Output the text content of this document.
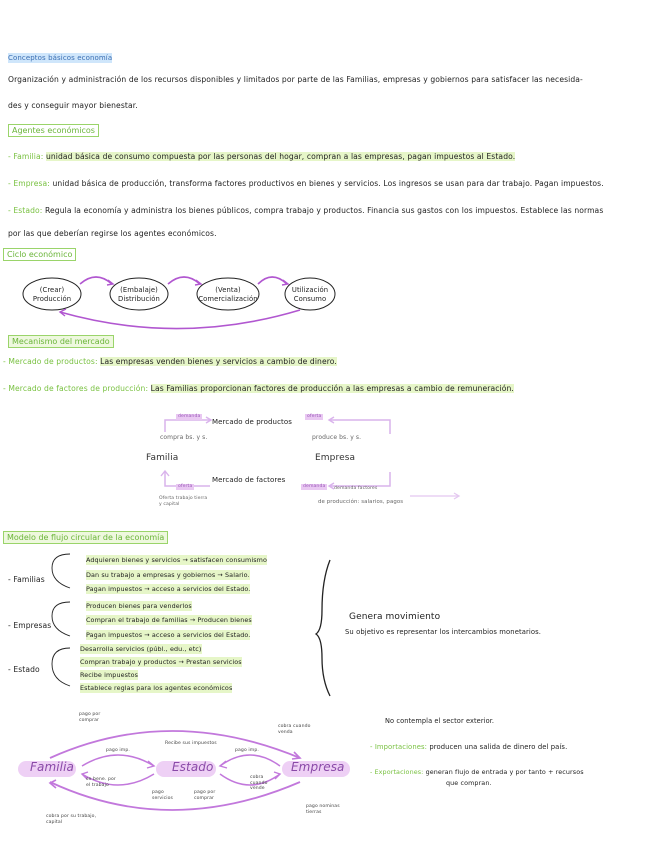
Conceptos básicos economía
Organización y administración de los recursos disponibles y limitados por parte de las Familias, empresas y gobiernos para satisfacer las necesida-
des y conseguir mayor bienestar.
Agentes económicos
- Familia: unidad básica de consumo compuesta por las personas del hogar, compran a las empresas, pagan impuestos al Estado.
- Empresa: unidad básica de producción, transforma factores productivos en bienes y servicios. Los ingresos se usan para dar trabajo. Pagan impuestos.
- Estado: Regula la economía y administra los bienes públicos, compra trabajo y productos. Financia sus gastos con los impuestos. Establece las normas
por las que deberían regirse los agentes económicos.
Ciclo económico
(Crear)
Producción
(Embalaje)
Distribución
(Venta)
Comercialización
Utilización
Consumo
Mecanismo del mercado
- Mercado de productos: Las empresas venden bienes y servicios a cambio de dinero.
- Mercado de factores de producción: Las Familias proporcionan factores de producción a las empresas a cambio de remuneración.
Mercado de productos
Mercado de factores
Familia	Empresa
demanda	oferta
oferta	demanda
compra bs. y s.	produce bs. y s.
Oferta trabajo tierra y capital
demanda factores
de producción: salarios, pagos
Modelo de flujo circular de la economía
- Familias
Adquieren bienes y servicios → satisfacen consumismo
Dan su trabajo a empresas y gobiernos → Salario.
Pagan impuestos → acceso a servicios del Estado.
- Empresas
Producen bienes para venderlos
Compran el trabajo de familias → Producen bienes
Pagan impuestos → acceso a servicios del Estado.
- Estado
Desarrolla servicios (públ., edu., etc)
Compran trabajo y productos → Prestan servicios
Recibe impuestos
Establece reglas para los agentes económicos
Genera movimiento
Su objetivo es representar los intercambios monetarios.
Familia	Estado	Empresa
pago por comprar
pago imp.
Recibe sus impuestos
cobra cuando venda
pago imp.
se bene. por el trabajo
cobra cuando vende
pago servicios
pago por comprar
cobra por su trabajo, capital
pago nominas tierras
No contempla el sector exterior.
- Importaciones: producen una salida de dinero del país.
- Exportaciones: generan flujo de entrada y por tanto + recursos
que compran.
